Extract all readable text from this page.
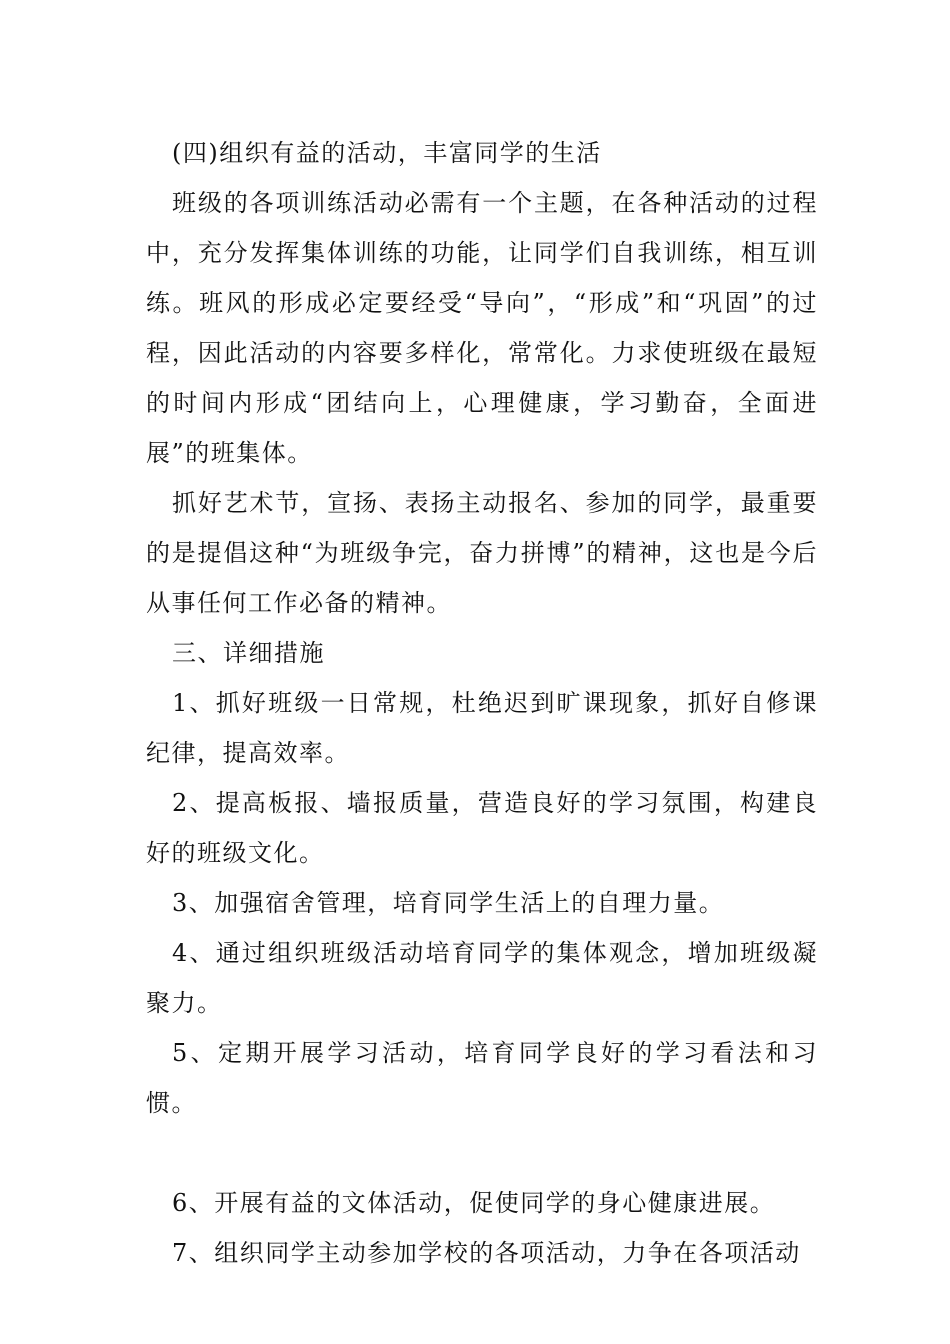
(四)组织有益的活动，丰富同学的生活

班级的各项训练活动必需有一个主题，在各种活动的过程中，充分发挥集体训练的功能，让同学们自我训练，相互训练。班风的形成必定要经受“导向”，“形成”和“巩固”的过程，因此活动的内容要多样化，常常化。力求使班级在最短的时间内形成“团结向上，心理健康，学习勤奋，全面进展”的班集体。

抓好艺术节，宣扬、表扬主动报名、参加的同学，最重要的是提倡这种“为班级争完，奋力拼博”的精神，这也是今后从事任何工作必备的精神。

三、详细措施

1、抓好班级一日常规，杜绝迟到旷课现象，抓好自修课纪律，提高效率。

2、提高板报、墙报质量，营造良好的学习氛围，构建良好的班级文化。

3、加强宿舍管理，培育同学生活上的自理力量。

4、通过组织班级活动培育同学的集体观念，增加班级凝聚力。

5、定期开展学习活动，培育同学良好的学习看法和习惯。

6、开展有益的文体活动，促使同学的身心健康进展。

7、组织同学主动参加学校的各项活动，力争在各项活动
